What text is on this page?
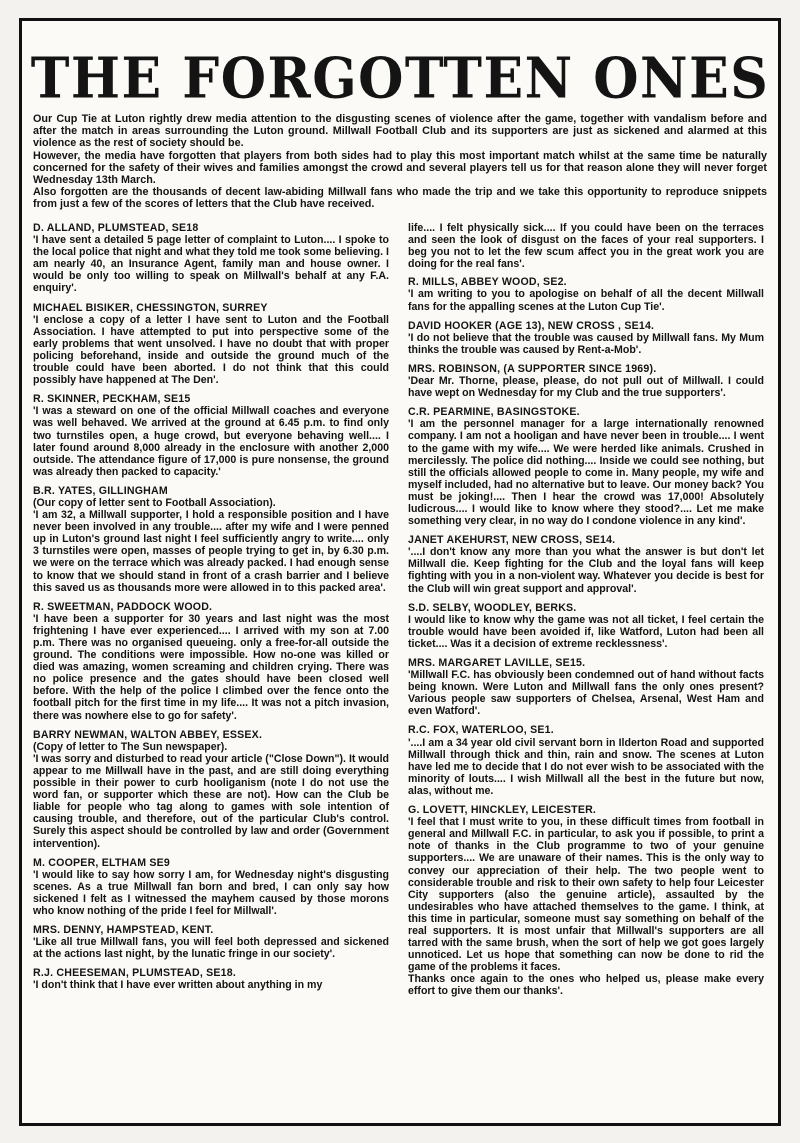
THE FORGOTTEN ONES

Our Cup Tie at Luton rightly drew media attention to the disgusting scenes of violence after the game, together with vandalism before and after the match in areas surrounding the Luton ground. Millwall Football Club and its supporters are just as sickened and alarmed at this violence as the rest of society should be.

However, the media have forgotten that players from both sides had to play this most important match whilst at the same time be naturally concerned for the safety of their wives and families amongst the crowd and several players tell us for that reason alone they will never forget Wednesday 13th March.

Also forgotten are the thousands of decent law-abiding Millwall fans who made the trip and we take this opportunity to reproduce snippets from just a few of the scores of letters that the Club have received.

D. ALLAND, PLUMSTEAD, SE18
'I have sent a detailed 5 page letter of complaint to Luton.... I spoke to the local police that night and what they told me took some believing. I am nearly 40, an Insurance Agent, family man and house owner. I would be only too willing to speak on Millwall's behalf at any F.A. enquiry'.
MICHAEL BISIKER, CHESSINGTON, SURREY
'I enclose a copy of a letter I have sent to Luton and the Football Association. I have attempted to put into perspective some of the early problems that went unsolved. I have no doubt that with proper policing beforehand, inside and outside the ground much of the trouble could have been aborted. I do not think that this could possibly have happened at The Den'.
R. SKINNER, PECKHAM, SE15
'I was a steward on one of the official Millwall coaches and everyone was well behaved. We arrived at the ground at 6.45 p.m. to find only two turnstiles open, a huge crowd, but everyone behaving well.... I later found around 8,000 already in the enclosure with another 2,000 outside. The attendance figure of 17,000 is pure nonsense, the ground was already then packed to capacity.'
B.R. YATES, GILLINGHAM
(Our copy of letter sent to Football Association).
'I am 32, a Millwall supporter, I hold a responsible position and I have never been involved in any trouble.... after my wife and I were penned up in Luton's ground last night I feel sufficiently angry to write.... only 3 turnstiles were open, masses of people trying to get in, by 6.30 p.m. we were on the terrace which was already packed. I had enough sense to know that we should stand in front of a crash barrier and I believe this saved us as thousands more were allowed in to this packed area'.
R. SWEETMAN, PADDOCK WOOD.
'I have been a supporter for 30 years and last night was the most frightening I have ever experienced.... I arrived with my son at 7.00 p.m. There was no organised queueing. only a free-for-all outside the ground. The conditions were impossible. How no-one was killed or died was amazing, women screaming and children crying. There was no police presence and the gates should have been closed well before. With the help of the police I climbed over the fence onto the football pitch for the first time in my life.... It was not a pitch invasion, there was nowhere else to go for safety'.
BARRY NEWMAN, WALTON ABBEY, ESSEX.
(Copy of letter to The Sun newspaper).
'I was sorry and disturbed to read your article ("Close Down"). It would appear to me Millwall have in the past, and are still doing everything possible in their power to curb hooliganism (note I do not use the word fan, or supporter which these are not). How can the Club be liable for people who tag along to games with sole intention of causing trouble, and therefore, out of the particular Club's control. Surely this aspect should be controlled by law and order (Government intervention).
M. COOPER, ELTHAM SE9
'I would like to say how sorry I am, for Wednesday night's disgusting scenes. As a true Millwall fan born and bred, I can only say how sickened I felt as I witnessed the mayhem caused by those morons who know nothing of the pride I feel for Millwall'.
MRS. DENNY, HAMPSTEAD, KENT.
'Like all true Millwall fans, you will feel both depressed and sickened at the actions last night, by the lunatic fringe in our society'.
R.J. CHEESEMAN, PLUMSTEAD, SE18.
'I don't think that I have ever written about anything in my
life.... I felt physically sick.... If you could have been on the terraces and seen the look of disgust on the faces of your real supporters. I beg you not to let the few scum affect you in the great work you are doing for the real fans'.
R. MILLS, ABBEY WOOD, SE2.
'I am writing to you to apologise on behalf of all the decent Millwall fans for the appalling scenes at the Luton Cup Tie'.
DAVID HOOKER (AGE 13), NEW CROSS , SE14.
'I do not believe that the trouble was caused by Millwall fans. My Mum thinks the trouble was caused by Rent-a-Mob'.
MRS. ROBINSON, (A SUPPORTER SINCE 1969).
'Dear Mr. Thorne, please, please, do not pull out of Millwall. I could have wept on Wednesday for my Club and the true supporters'.
C.R. PEARMINE, BASINGSTOKE.
'I am the personnel manager for a large internationally renowned company. I am not a hooligan and have never been in trouble.... I went to the game with my wife.... We were herded like animals. Crushed in mercilessly. The police did nothing.... Inside we could see nothing, but still the officials allowed people to come in. Many people, my wife and myself included, had no alternative but to leave. Our money back? You must be joking!.... Then I hear the crowd was 17,000! Absolutely ludicrous.... I would like to know where they stood?.... Let me make something very clear, in no way do I condone violence in any kind'.
JANET AKEHURST, NEW CROSS, SE14.
'....I don't know any more than you what the answer is but don't let Millwall die. Keep fighting for the Club and the loyal fans will keep fighting with you in a non-violent way. Whatever you decide is best for the Club will win great support and approval'.
S.D. SELBY, WOODLEY, BERKS.
I would like to know why the game was not all ticket, I feel certain the trouble would have been avoided if, like Watford, Luton had been all ticket.... Was it a decision of extreme recklessness'.
MRS. MARGARET LAVILLE, SE15.
'Millwall F.C. has obviously been condemned out of hand without facts being known. Were Luton and Millwall fans the only ones present? Various people saw supporters of Chelsea, Arsenal, West Ham and even Watford'.
R.C. FOX, WATERLOO, SE1.
'....I am a 34 year old civil servant born in Ilderton Road and supported Millwall through thick and thin, rain and snow. The scenes at Luton have led me to decide that I do not ever wish to be associated with the minority of louts.... I wish Millwall all the best in the future but now, alas, without me.
G. LOVETT, HINCKLEY, LEICESTER.
'I feel that I must write to you, in these difficult times from football in general and Millwall F.C. in particular, to ask you if possible, to print a note of thanks in the Club programme to two of your genuine supporters.... We are unaware of their names. This is the only way to convey our appreciation of their help. The two people went to considerable trouble and risk to their own safety to help four Leicester City supporters (also the genuine article), assaulted by the undesirables who have attached themselves to the game. I think, at this time in particular, someone must say something on behalf of the real supporters. It is most unfair that Millwall's supporters are all tarred with the same brush, when the sort of help we got goes largely unnoticed. Let us hope that something can now be done to rid the game of the problems it faces.
Thanks once again to the ones who helped us, please make every effort to give them our thanks'.
